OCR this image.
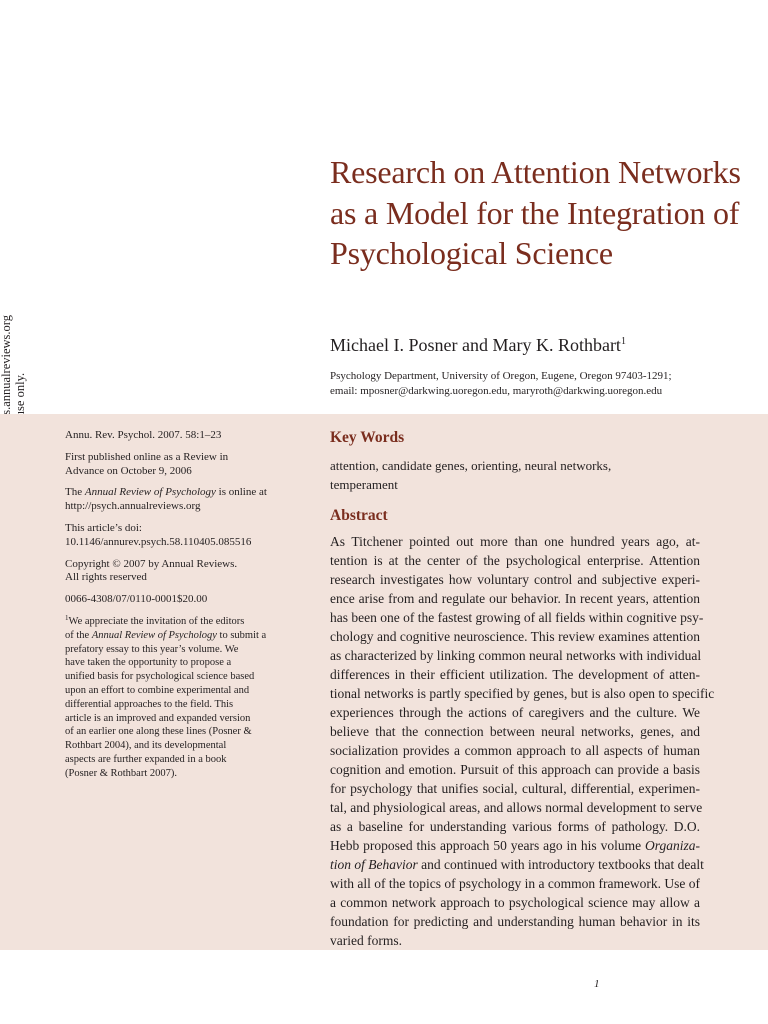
Research on Attention Networks as a Model for the Integration of Psychological Science
Michael I. Posner and Mary K. Rothbart$^1$
Psychology Department, University of Oregon, Eugene, Oregon 97403-1291;
email: mposner@darkwing.uoregon.edu, maryroth@darkwing.uoregon.edu

Annu. Rev. Psychol. 2007. 58:1–23

First published online as a Review in
Advance on October 9, 2006

The Annual Review of Psychology is online at
http://psych.annualreviews.org

This article’s doi:
10.1146/annurev.psych.58.110405.085516

Copyright © 2007 by Annual Reviews.
All rights reserved

0066-4308/07/0110-0001$20.00

$^1$We appreciate the invitation of the editors
of the Annual Review of Psychology to submit a
prefatory essay to this year’s volume. We
have taken the opportunity to propose a
unified basis for psychological science based
upon an effort to combine experimental and
differential approaches to the field. This
article is an improved and expanded version
of an earlier one along these lines (Posner &
Rothbart 2004), and its developmental
aspects are further expanded in a book
(Posner & Rothbart 2007).

Key Words

attention, candidate genes, orienting, neural networks, temperament

Abstract
As Titchener pointed out more than one hundred years ago, at-
tention is at the center of the psychological enterprise. Attention
research investigates how voluntary control and subjective experi-
ence arise from and regulate our behavior. In recent years, attention
has been one of the fastest growing of all fields within cognitive psy-
chology and cognitive neuroscience. This review examines attention
as characterized by linking common neural networks with individual
differences in their efficient utilization. The development of atten-
tional networks is partly specified by genes, but is also open to specific
experiences through the actions of caregivers and the culture. We
believe that the connection between neural networks, genes, and
socialization provides a common approach to all aspects of human
cognition and emotion. Pursuit of this approach can provide a basis
for psychology that unifies social, cultural, differential, experimen-
tal, and physiological areas, and allows normal development to serve
as a baseline for understanding various forms of pathology. D.O.
Hebb proposed this approach 50 years ago in his volume Organiza-
tion of Behavior and continued with introductory textbooks that dealt
with all of the topics of psychology in a common framework. Use of
a common network approach to psychological science may allow a
foundation for predicting and understanding human behavior in its
varied forms.
1
